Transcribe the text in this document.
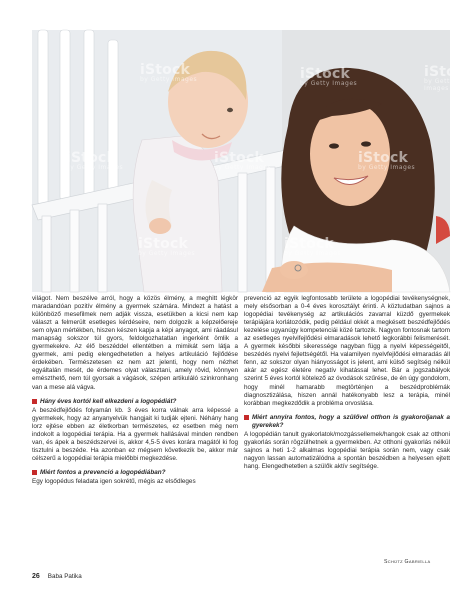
iStock
by Getty Images	iStock
by Getty Images
iStock
by Getty Images
iStock
by Getty Images
iStock
by Getty Images
iStock
by Getty Images
iStock
by Getty Images
iStock
by Getty Images

világot. Nem beszélve arról, hogy a közös élmény, a meghitt légkör maradandóan pozitív élmény a gyermek számára. Mindezt a hatást a különböző mesefilmek nem adják vissza, esetükben a kicsi nem kap választ a felmerült esetleges kérdéseire, nem dolgozik a képzelőereje sem olyan mértékben, hiszen készen kapja a képi anyagot, ami ráadásul manapság sokszor túl gyors, feldolgozhatatlan ingerként ömlik a gyermekekre. Az élő beszéddel ellentétben a mimikát sem látja a gyermek, ami pedig elengedhetetlen a helyes artikuláció fejlődése érdekében. Természetesen ez nem azt jelenti, hogy nem nézhet egyáltalán mesét, de érdemes olyat választani, amely rövid, könnyen emészthető, nem túl gyorsak a vágások, szépen artikuláló szinkronhang van a mese alá vágva.

Hány éves kortól kell elkezdeni a logopédiát?

A beszédfejlődés folyamán kb. 3 éves korra válnak arra képessé a gyermekek, hogy az anyanyelvük hangjait ki tudják ejteni. Néhány hang lorz ejtése ebben az életkorban természetes, ez esetben még nem indokolt a logopédiai terápia. Ha a gyermek hallásával minden rendben van, és ápek a beszédszervei is, akkor 4,5-5 éves korára magától ki fog tisztulni a beszéde. Ha azonban ez mégsem következik be, akkor már célszerű a logopédiai terápia mielőbbi megkezdése.

Miért fontos a prevenció a logopédiában?

Egy logopédus feladata igen sokrétű, mégis az elsődleges

prevenció az egyik legfontosabb területe a logopédiai tevékenységnek, mely elsősorban a 0-4 éves korosztályt érinti. A köztudatban sajnos a logopédiai tevékenység az artikulációs zavarral küzdő gyermekek terápiájára korlátozódik, pedig például okkét a megkésett beszédfejlődés kezelése ugyanúgy kompetenciái közé tartozik. Nagyon fontosnak tartom az esetleges nyelvifejlődési elmaradások lehető legkorábbi felismerését. A gyermek későbbi sikeressége nagyban függ a nyelvi képességeitől, beszédés nyelvi fejlettségétől. Ha valamilyen nyelvfejlődési elmaradás áll fenn, az sokszor olyan hiányosságot is jelent, ami külső segítség nélkül akár az egész életére negatív kihatással lehet. Bár a jogszabályok szerint 5 éves kortól kötelező az óvodások szűrése, de én úgy gondolom, hogy minél hamarabb megtörténjen a beszédproblémák diagnosztizálása, hiszen annál hatékonyabb lesz a terápia, minél korábban megkezdődik a probléma orvoslása.

Miért annyira fontos, hogy a szülővel otthon is gyakoroljanak a gyerekek?

A logopédián tanult gyakorlatok/mozgássellemek/hangok csak az otthoni gyakorlás során rögzülhetnek a gyermekben. Az otthoni gyakorlás nélkül sajnos a heti 1-2 alkalmas logopédiai terápia során nem, vagy csak nagyon lassan automatizálódna a spontán beszédben a helyesen ejtett hang. Elengedhetetlen a szülők aktív segítsége.

Schütz Gabriella
26 Baba Patika
